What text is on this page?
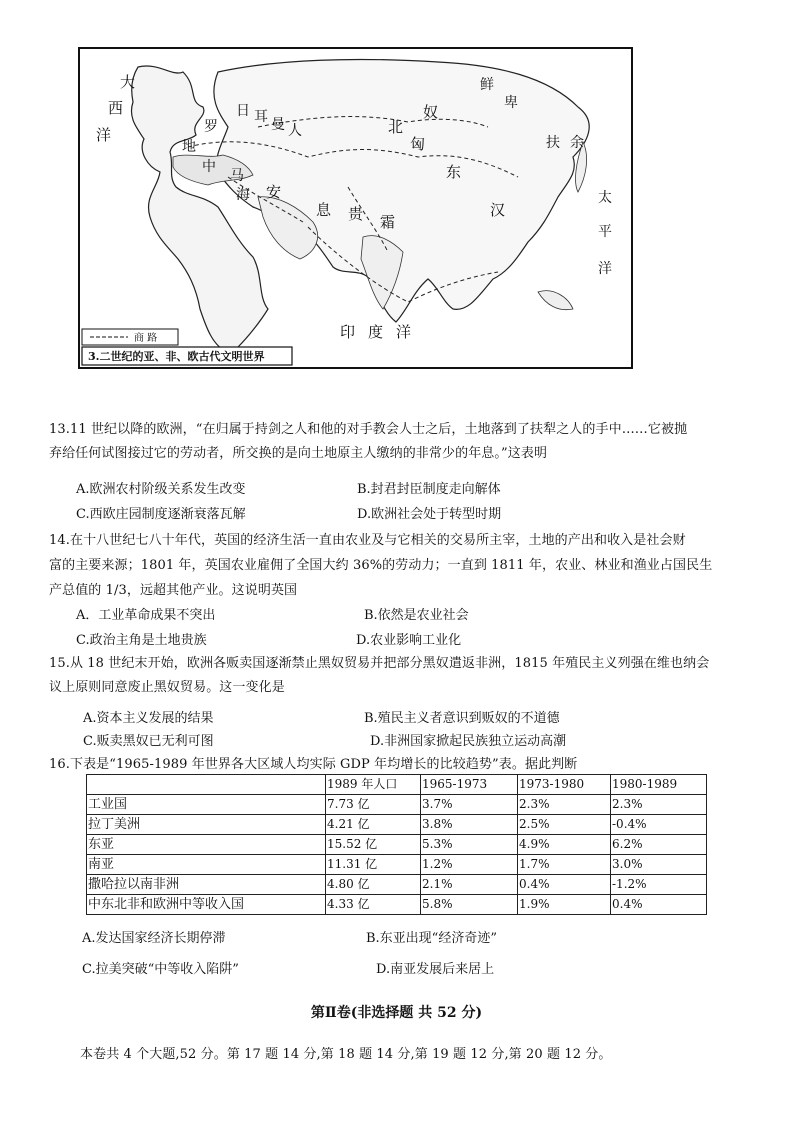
大
西
洋	罗
地
中
马
海
日 耳 曼 人
安
息 贵 霜
北
匈
奴
鲜
卑
扶 余
东
汉
太
平
洋
印 度 洋
商 路
3.二世纪的亚、非、欧古代文明世界
13.11 世纪以降的欧洲，“在归属于持剑之人和他的对手教会人士之后，土地落到了扶犁之人的手中……它被抛
弃给任何试图接过它的劳动者，所交换的是向土地原主人缴纳的非常少的年息。”这表明
A.欧洲农村阶级关系发生改变	B.封君封臣制度走向解体
C.西欧庄园制度逐渐衰落瓦解	D.欧洲社会处于转型时期
14.在十八世纪七八十年代，英国的经济生活一直由农业及与它相关的交易所主宰，土地的产出和收入是社会财
富的主要来源；1801 年，英国农业雇佣了全国大约 36%的劳动力；一直到 1811 年，农业、林业和渔业占国民生
产总值的 1/3，远超其他产业。这说明英国
A．工业革命成果不突出	B.依然是农业社会
C.政治主角是土地贵族	D.农业影响工业化
15.从 18 世纪末开始，欧洲各贩卖国逐渐禁止黑奴贸易并把部分黑奴遣返非洲，1815 年殖民主义列强在维也纳会
议上原则同意废止黑奴贸易。这一变化是
A.资本主义发展的结果	B.殖民主义者意识到贩奴的不道德
C.贩卖黑奴已无利可图	D.非洲国家掀起民族独立运动高潮
16.下表是“1965-1989 年世界各大区域人均实际 GDP 年均增长的比较趋势”表。据此判断
	1989 年人口	1965-1973	1973-1980	1980-1989
工业国	7.73 亿	3.7%	2.3%	2.3%
拉丁美洲	4.21 亿	3.8%	2.5%	-0.4%
东亚	15.52 亿	5.3%	4.9%	6.2%
南亚	11.31 亿	1.2%	1.7%	3.0%
撒哈拉以南非洲	4.80 亿	2.1%	0.4%	-1.2%
中东北非和欧洲中等收入国	4.33 亿	5.8%	1.9%	0.4%
A.发达国家经济长期停滞	B.东亚出现“经济奇迹”
C.拉美突破“中等收入陷阱”	D.南亚发展后来居上
第Ⅱ卷(非选择题 共 52 分)
本卷共 4 个大题,52 分。第 17 题 14 分,第 18 题 14 分,第 19 题 12 分,第 20 题 12 分。
